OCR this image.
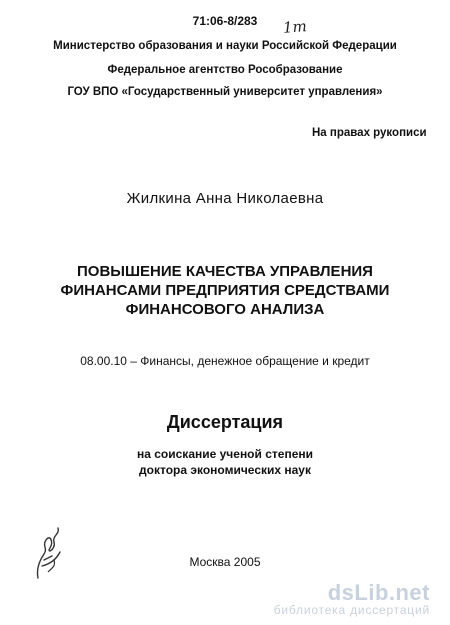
71:06-8/283	1т
Министерство образования и науки Российской Федерации
Федеральное агентство Рособразование
ГОУ ВПО «Государственный университет управления»
На правах рукописи
Жилкина Анна Николаевна
ПОВЫШЕНИЕ КАЧЕСТВА УПРАВЛЕНИЯ
ФИНАНСАМИ ПРЕДПРИЯТИЯ СРЕДСТВАМИ
ФИНАНСОВОГО АНАЛИЗА
08.00.10 – Финансы, денежное обращение и кредит
Диссертация
на соискание ученой степени
доктора экономических наук
Москва 2005
dsLib.net
библиотека диссертаций
